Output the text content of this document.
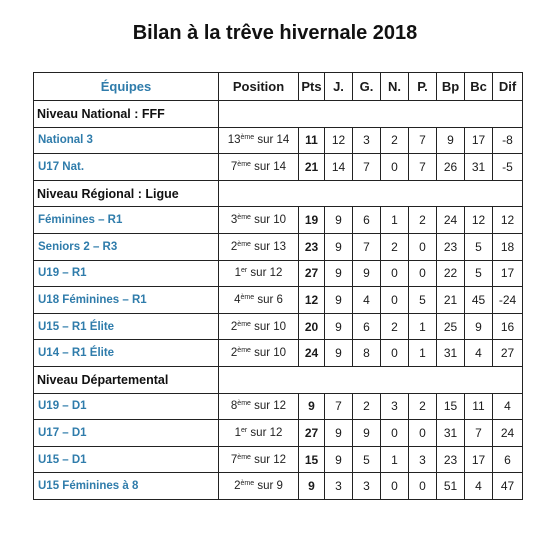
Bilan à la trêve hivernale 2018
Équipes	Position	Pts	J.	G.	N.	P.	Bp	Bc	Dif
Niveau National : FFF									
National 3	13ème sur 14	11	12	3	2	7	9	17	-8
U17 Nat.	7ème sur 14	21	14	7	0	7	26	31	-5
Niveau Régional : Ligue									
Féminines – R1	3ème sur 10	19	9	6	1	2	24	12	12
Seniors 2 – R3	2ème sur 13	23	9	7	2	0	23	5	18
U19 – R1	1er sur 12	27	9	9	0	0	22	5	17
U18 Féminines – R1	4ème sur 6	12	9	4	0	5	21	45	-24
U15 – R1 Élite	2ème sur 10	20	9	6	2	1	25	9	16
U14 – R1 Élite	2ème sur 10	24	9	8	0	1	31	4	27
Niveau Départemental									
U19 – D1	8ème sur 12	9	7	2	3	2	15	11	4
U17 – D1	1er sur 12	27	9	9	0	0	31	7	24
U15 – D1	7ème sur 12	15	9	5	1	3	23	17	6
U15 Féminines à 8	2ème sur 9	9	3	3	0	0	51	4	47
